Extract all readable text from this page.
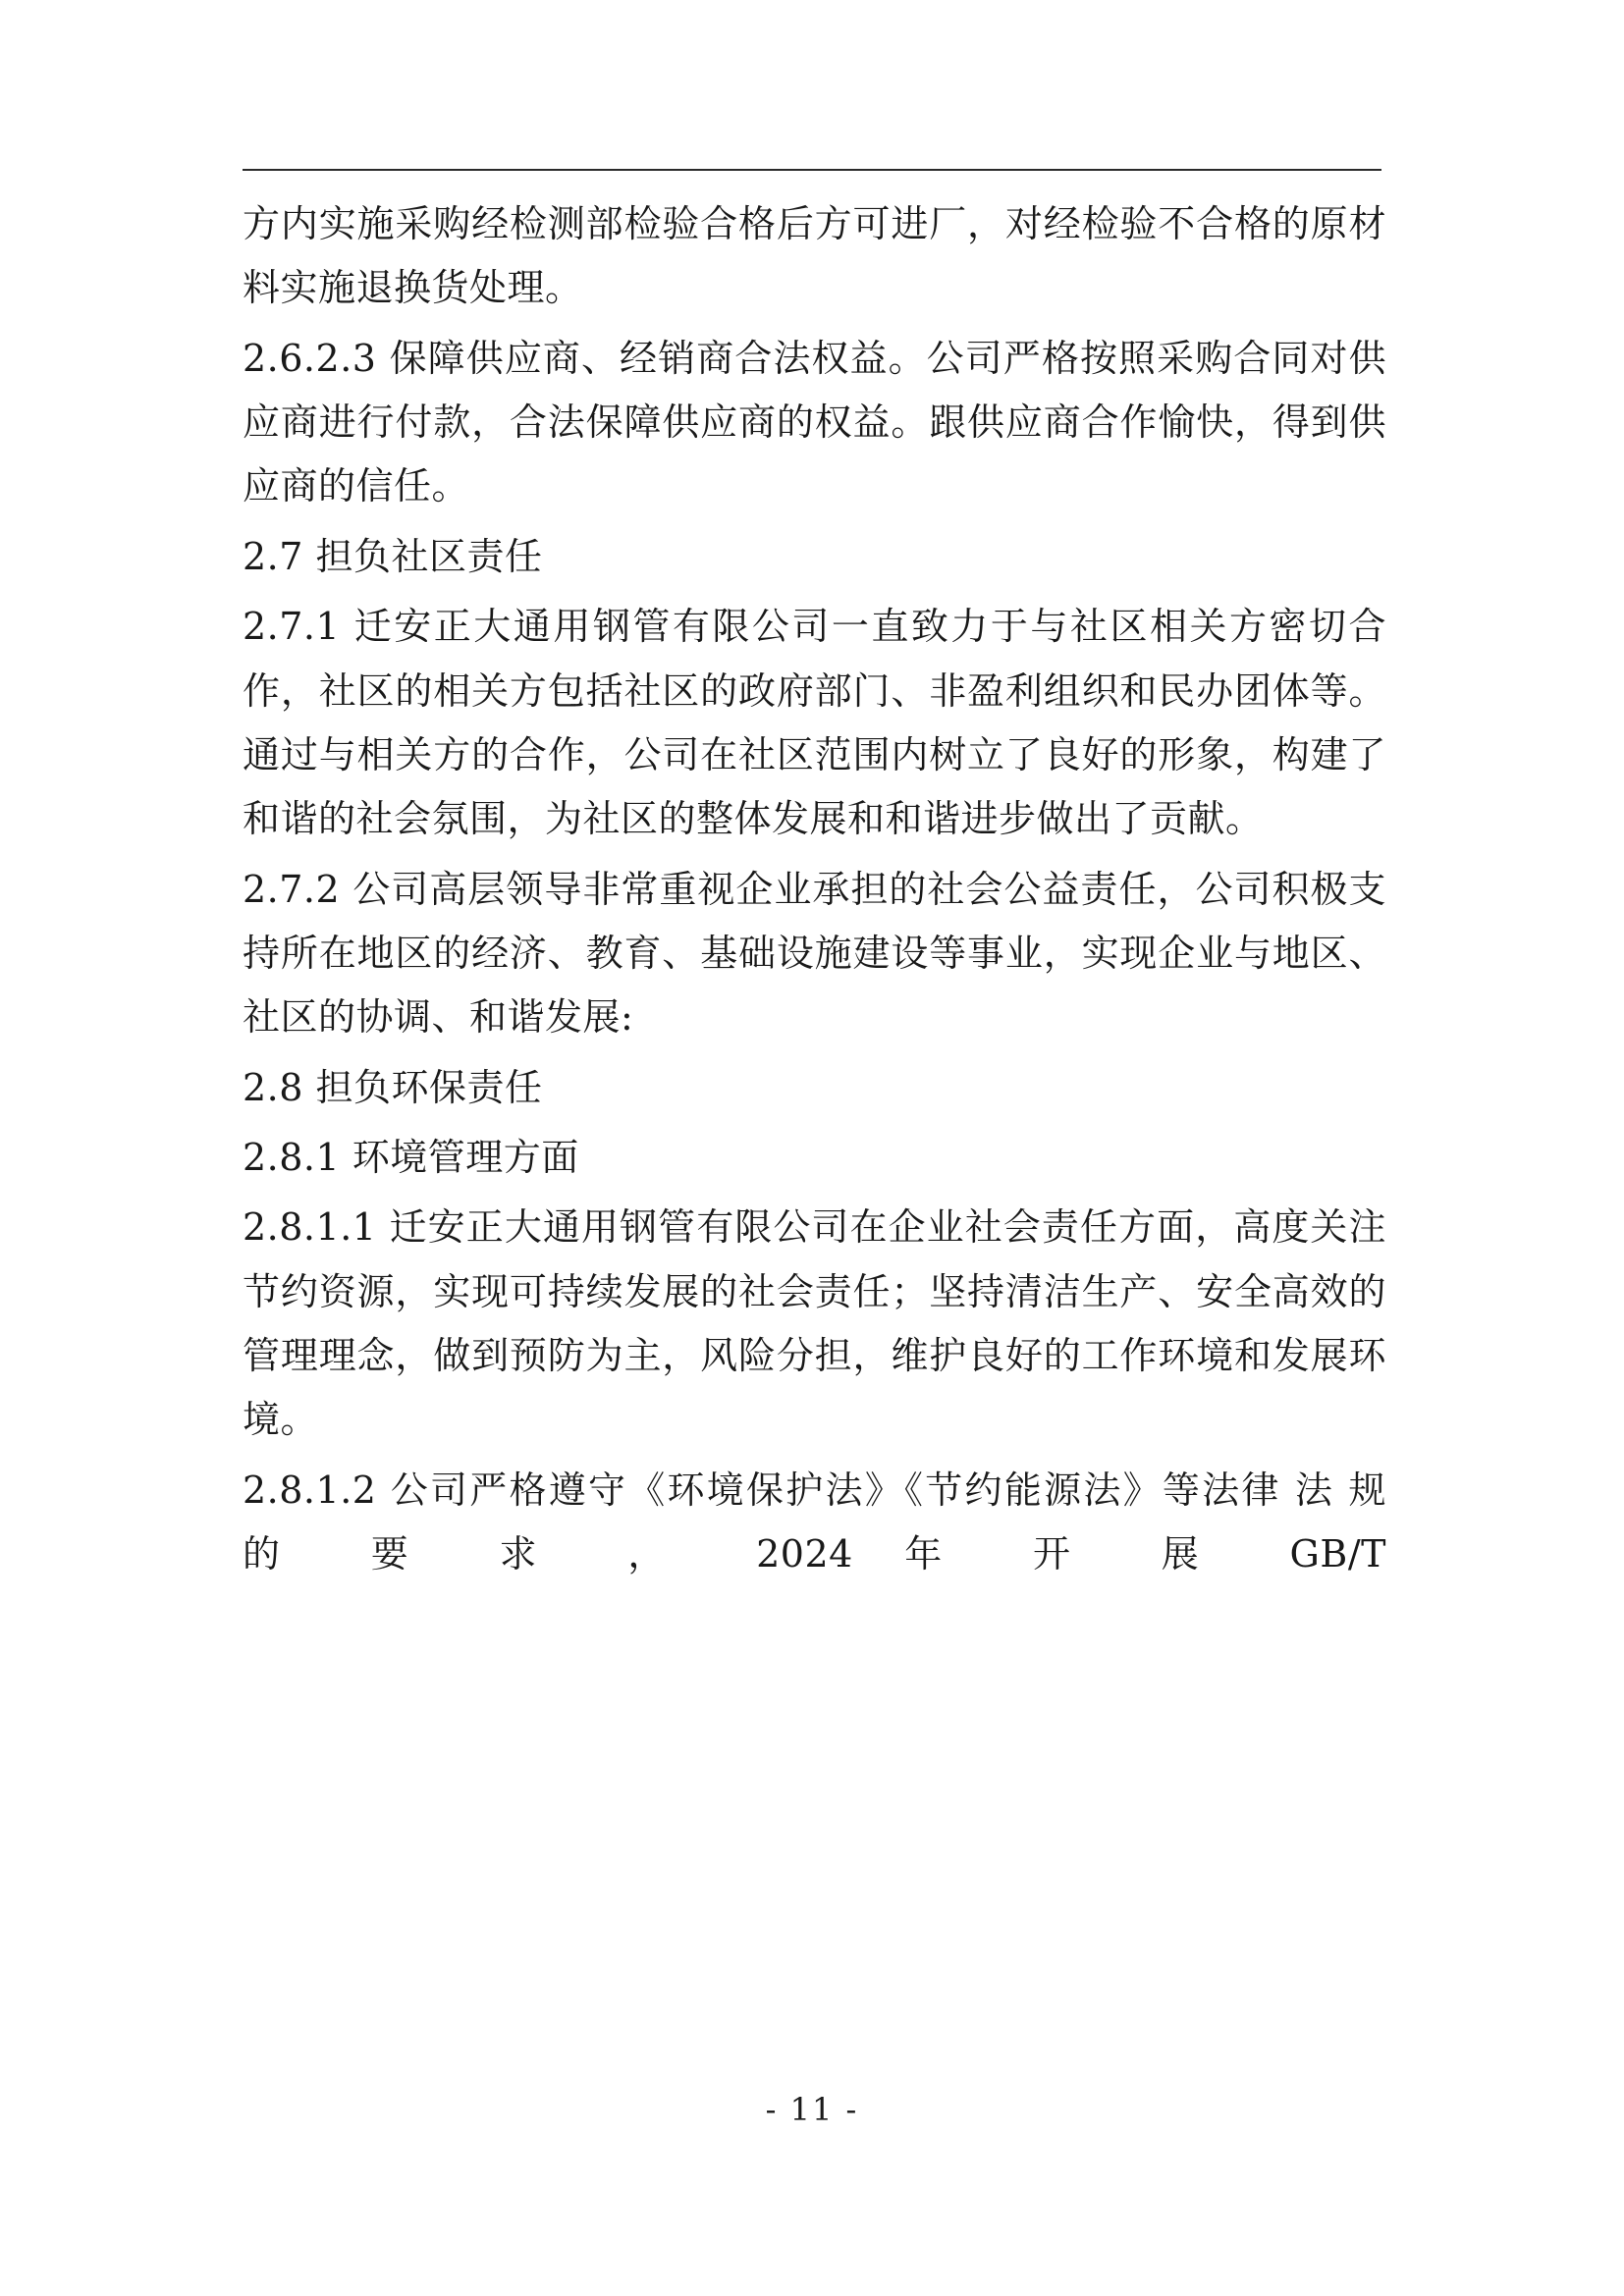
方内实施采购经检测部检验合格后方可进厂，对经检验不合格的原材料实施退换货处理。

2.6.2.3 保障供应商、经销商合法权益。公司严格按照采购合同对供应商进行付款，合法保障供应商的权益。跟供应商合作愉快，得到供应商的信任。

2.7 担负社区责任

2.7.1 迁安正大通用钢管有限公司一直致力于与社区相关方密切合作，社区的相关方包括社区的政府部门、非盈利组织和民办团体等。通过与相关方的合作，公司在社区范围内树立了良好的形象，构建了和谐的社会氛围，为社区的整体发展和和谐进步做出了贡献。

2.7.2 公司高层领导非常重视企业承担的社会公益责任，公司积极支持所在地区的经济、教育、基础设施建设等事业，实现企业与地区、社区的协调、和谐发展:

2.8 担负环保责任

2.8.1 环境管理方面

2.8.1.1 迁安正大通用钢管有限公司在企业社会责任方面，高度关注节约资源，实现可持续发展的社会责任；坚持清洁生产、安全高效的管理理念，做到预防为主，风险分担，维护良好的工作环境和发展环境。

2.8.1.2 公司严格遵守《环境保护法》《节约能源法》等法律 法 规 的 要 求 ， 2024 年 开 展 GB/T

- 11 -
